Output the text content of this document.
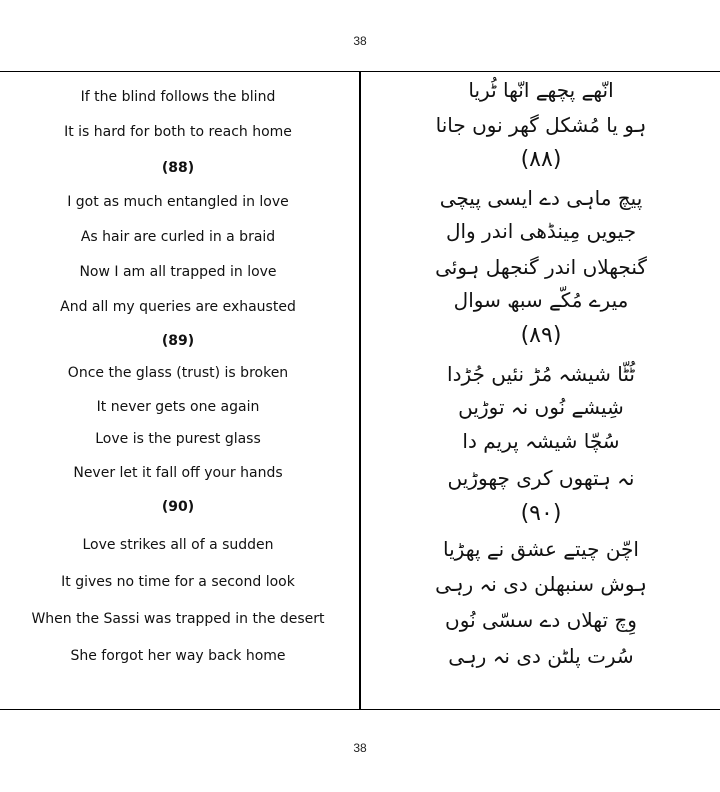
38
If the blind follows the blind
It is hard for both to reach home
(88)
I got as much entangled in love
As hair are curled in a braid
Now I am all trapped in love
And all my queries are exhausted
(89)
Once the glass (trust) is broken
It never gets one again
Love is the purest glass
Never let it fall off your hands
(90)
Love strikes all of a sudden
It gives no time for a second look
When the Sassi was trapped in the desert
She forgot her way back home
انّھے پچھے انّھا ٹُریا
ہو یا مُشکل گھر نوں جانا
(۸۸)
پیچ ماہی دے ایسی پیچی
جیویں مِینڈھی اندر وال
گنجھلاں اندر گنجھل ہوئی
میرے مُکّے سبھ سوال
(۸۹)
ٹُٹّا شیشہ مُڑ نئیں جُڑدا
شِیشے نُوں نہ توڑیں
سُچّا شیشہ پریم دا
نہ ہتھوں کری چھوڑیں
(۹۰)
اچّن چیتے عشق نے پھڑیا
ہوش سنبھلن دی نہ رہی
وِچ تھلاں دے سسّی نُوں
سُرت پلٹن دی نہ رہی
38
